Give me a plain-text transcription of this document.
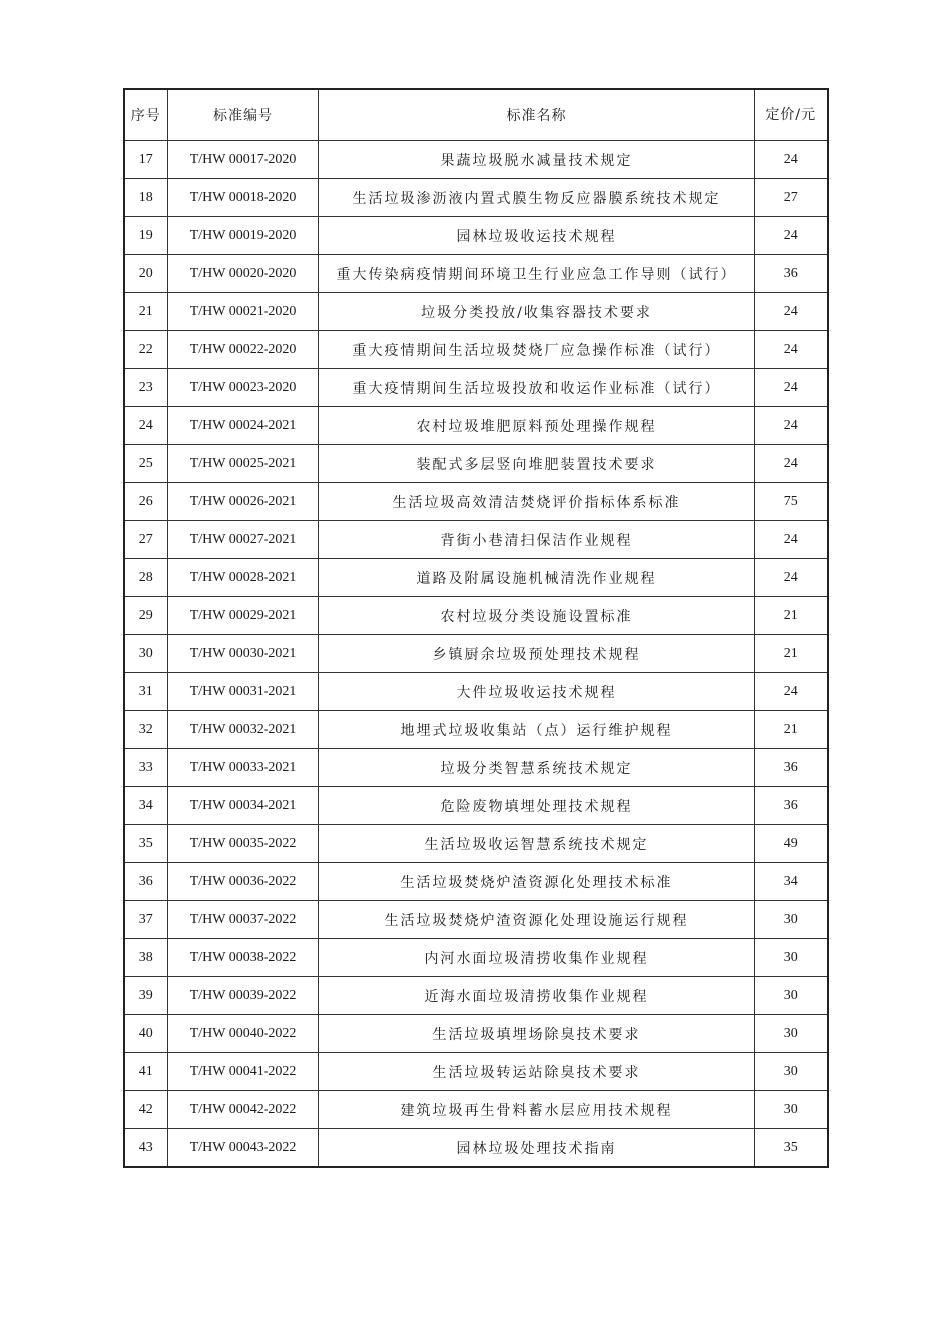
序号	标准编号	标准名称	定价/元
17	T/HW 00017-2020	果蔬垃圾脱水减量技术规定	24
18	T/HW 00018-2020	生活垃圾渗沥液内置式膜生物反应器膜系统技术规定	27
19	T/HW 00019-2020	园林垃圾收运技术规程	24
20	T/HW 00020-2020	重大传染病疫情期间环境卫生行业应急工作导则（试行）	36
21	T/HW 00021-2020	垃圾分类投放/收集容器技术要求	24
22	T/HW 00022-2020	重大疫情期间生活垃圾焚烧厂应急操作标准（试行）	24
23	T/HW 00023-2020	重大疫情期间生活垃圾投放和收运作业标准（试行）	24
24	T/HW 00024-2021	农村垃圾堆肥原料预处理操作规程	24
25	T/HW 00025-2021	装配式多层竖向堆肥装置技术要求	24
26	T/HW 00026-2021	生活垃圾高效清洁焚烧评价指标体系标准	75
27	T/HW 00027-2021	背街小巷清扫保洁作业规程	24
28	T/HW 00028-2021	道路及附属设施机械清洗作业规程	24
29	T/HW 00029-2021	农村垃圾分类设施设置标准	21
30	T/HW 00030-2021	乡镇厨余垃圾预处理技术规程	21
31	T/HW 00031-2021	大件垃圾收运技术规程	24
32	T/HW 00032-2021	地埋式垃圾收集站（点）运行维护规程	21
33	T/HW 00033-2021	垃圾分类智慧系统技术规定	36
34	T/HW 00034-2021	危险废物填埋处理技术规程	36
35	T/HW 00035-2022	生活垃圾收运智慧系统技术规定	49
36	T/HW 00036-2022	生活垃圾焚烧炉渣资源化处理技术标准	34
37	T/HW 00037-2022	生活垃圾焚烧炉渣资源化处理设施运行规程	30
38	T/HW 00038-2022	内河水面垃圾清捞收集作业规程	30
39	T/HW 00039-2022	近海水面垃圾清捞收集作业规程	30
40	T/HW 00040-2022	生活垃圾填埋场除臭技术要求	30
41	T/HW 00041-2022	生活垃圾转运站除臭技术要求	30
42	T/HW 00042-2022	建筑垃圾再生骨料蓄水层应用技术规程	30
43	T/HW 00043-2022	园林垃圾处理技术指南	35
